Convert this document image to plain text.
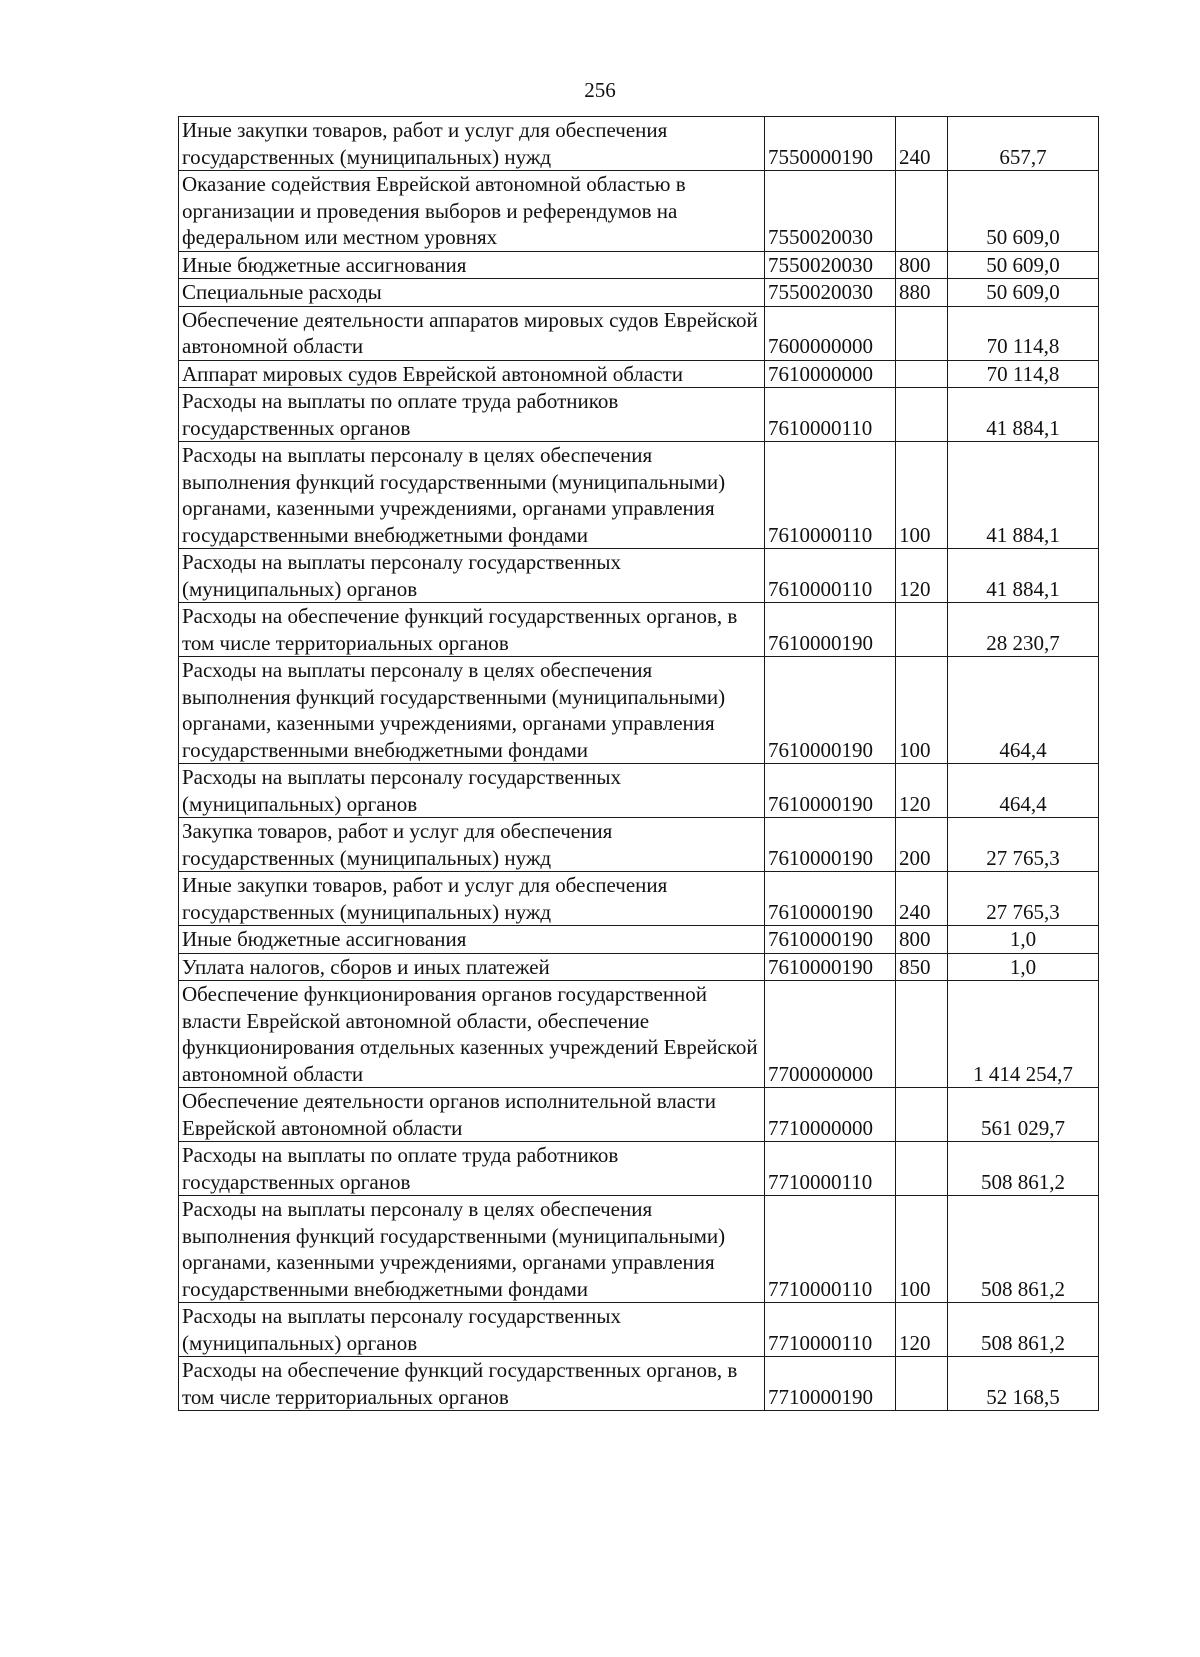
256
Иные закупки товаров, работ и услуг для обеспечения государственных (муниципальных) нужд	7550000190	240	657,7
Оказание содействия Еврейской автономной областью в организации и проведения выборов и референдумов на федеральном или местном уровнях	7550020030		50 609,0
Иные бюджетные ассигнования	7550020030	800	50 609,0
Специальные расходы	7550020030	880	50 609,0
Обеспечение деятельности аппаратов мировых судов Еврейской автономной области	7600000000		70 114,8
Аппарат мировых судов Еврейской автономной области	7610000000		70 114,8
Расходы на выплаты по оплате труда работников государственных органов	7610000110		41 884,1
Расходы на выплаты персоналу в целях обеспечения выполнения функций государственными (муниципальными) органами, казенными учреждениями, органами управления государственными внебюджетными фондами	7610000110	100	41 884,1
Расходы на выплаты персоналу государственных (муниципальных) органов	7610000110	120	41 884,1
Расходы на обеспечение функций государственных органов, в том числе территориальных органов	7610000190		28 230,7
Расходы на выплаты персоналу в целях обеспечения выполнения функций государственными (муниципальными) органами, казенными учреждениями, органами управления государственными внебюджетными фондами	7610000190	100	464,4
Расходы на выплаты персоналу государственных (муниципальных) органов	7610000190	120	464,4
Закупка товаров, работ и услуг для обеспечения государственных (муниципальных) нужд	7610000190	200	27 765,3
Иные закупки товаров, работ и услуг для обеспечения государственных (муниципальных) нужд	7610000190	240	27 765,3
Иные бюджетные ассигнования	7610000190	800	1,0
Уплата налогов, сборов и иных платежей	7610000190	850	1,0
Обеспечение функционирования органов государственной власти Еврейской автономной области, обеспечение функционирования отдельных казенных учреждений Еврейской автономной области	7700000000		1 414 254,7
Обеспечение деятельности органов исполнительной власти Еврейской автономной области	7710000000		561 029,7
Расходы на выплаты по оплате труда работников государственных органов	7710000110		508 861,2
Расходы на выплаты персоналу в целях обеспечения выполнения функций государственными (муниципальными) органами, казенными учреждениями, органами управления государственными внебюджетными фондами	7710000110	100	508 861,2
Расходы на выплаты персоналу государственных (муниципальных) органов	7710000110	120	508 861,2
Расходы на обеспечение функций государственных органов, в том числе территориальных органов	7710000190		52 168,5
